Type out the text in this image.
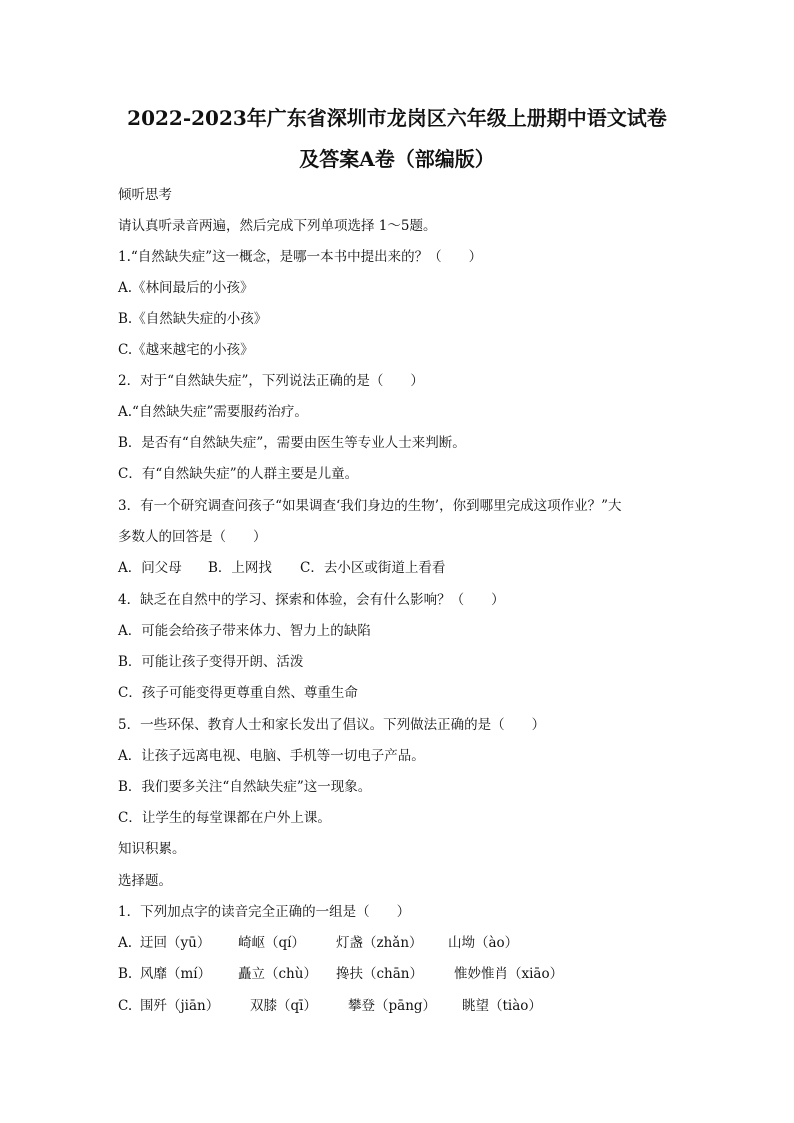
2022-2023年广东省深圳市龙岗区六年级上册期中语文试卷
及答案A卷（部编版）
倾听思考
请认真听录音两遍，然后完成下列单项选择 1～5题。
1.“自然缺失症”这一概念，是哪一本书中提出来的？（　　）
A.《林间最后的小孩》
B.《自然缺失症的小孩》
C.《越来越宅的小孩》
2．对于“自然缺失症”，下列说法正确的是（　　）
A.“自然缺失症”需要服药治疗。
B．是否有“自然缺失症”，需要由医生等专业人士来判断。
C．有“自然缺失症”的人群主要是儿童。
3．有一个研究调查问孩子“如果调查‘我们身边的生物’，你到哪里完成这项作业？”大
多数人的回答是（　　）
A．问父母 B．上网找 C．去小区或街道上看看
4．缺乏在自然中的学习、探索和体验，会有什么影响？（　　）
A．可能会给孩子带来体力、智力上的缺陷
B．可能让孩子变得开朗、活泼
C．孩子可能变得更尊重自然、尊重生命
5．一些环保、教育人士和家长发出了倡议。下列做法正确的是（　　）
A．让孩子远离电视、电脑、手机等一切电子产品。
B．我们要多关注“自然缺失症”这一现象。
C．让学生的每堂课都在户外上课。
知识积累。
选择题。
1．下列加点字的读音完全正确的一组是（　　）
A. 迂回（yū） 崎岖（qí） 灯盏（zhǎn） 山坳（ào）
B. 风靡（mí） 矗立（chù） 搀扶（chān） 惟妙惟肖（xiāo）
C. 围歼（jiān） 双膝（qī） 攀登（pāng） 眺望（tiào）
